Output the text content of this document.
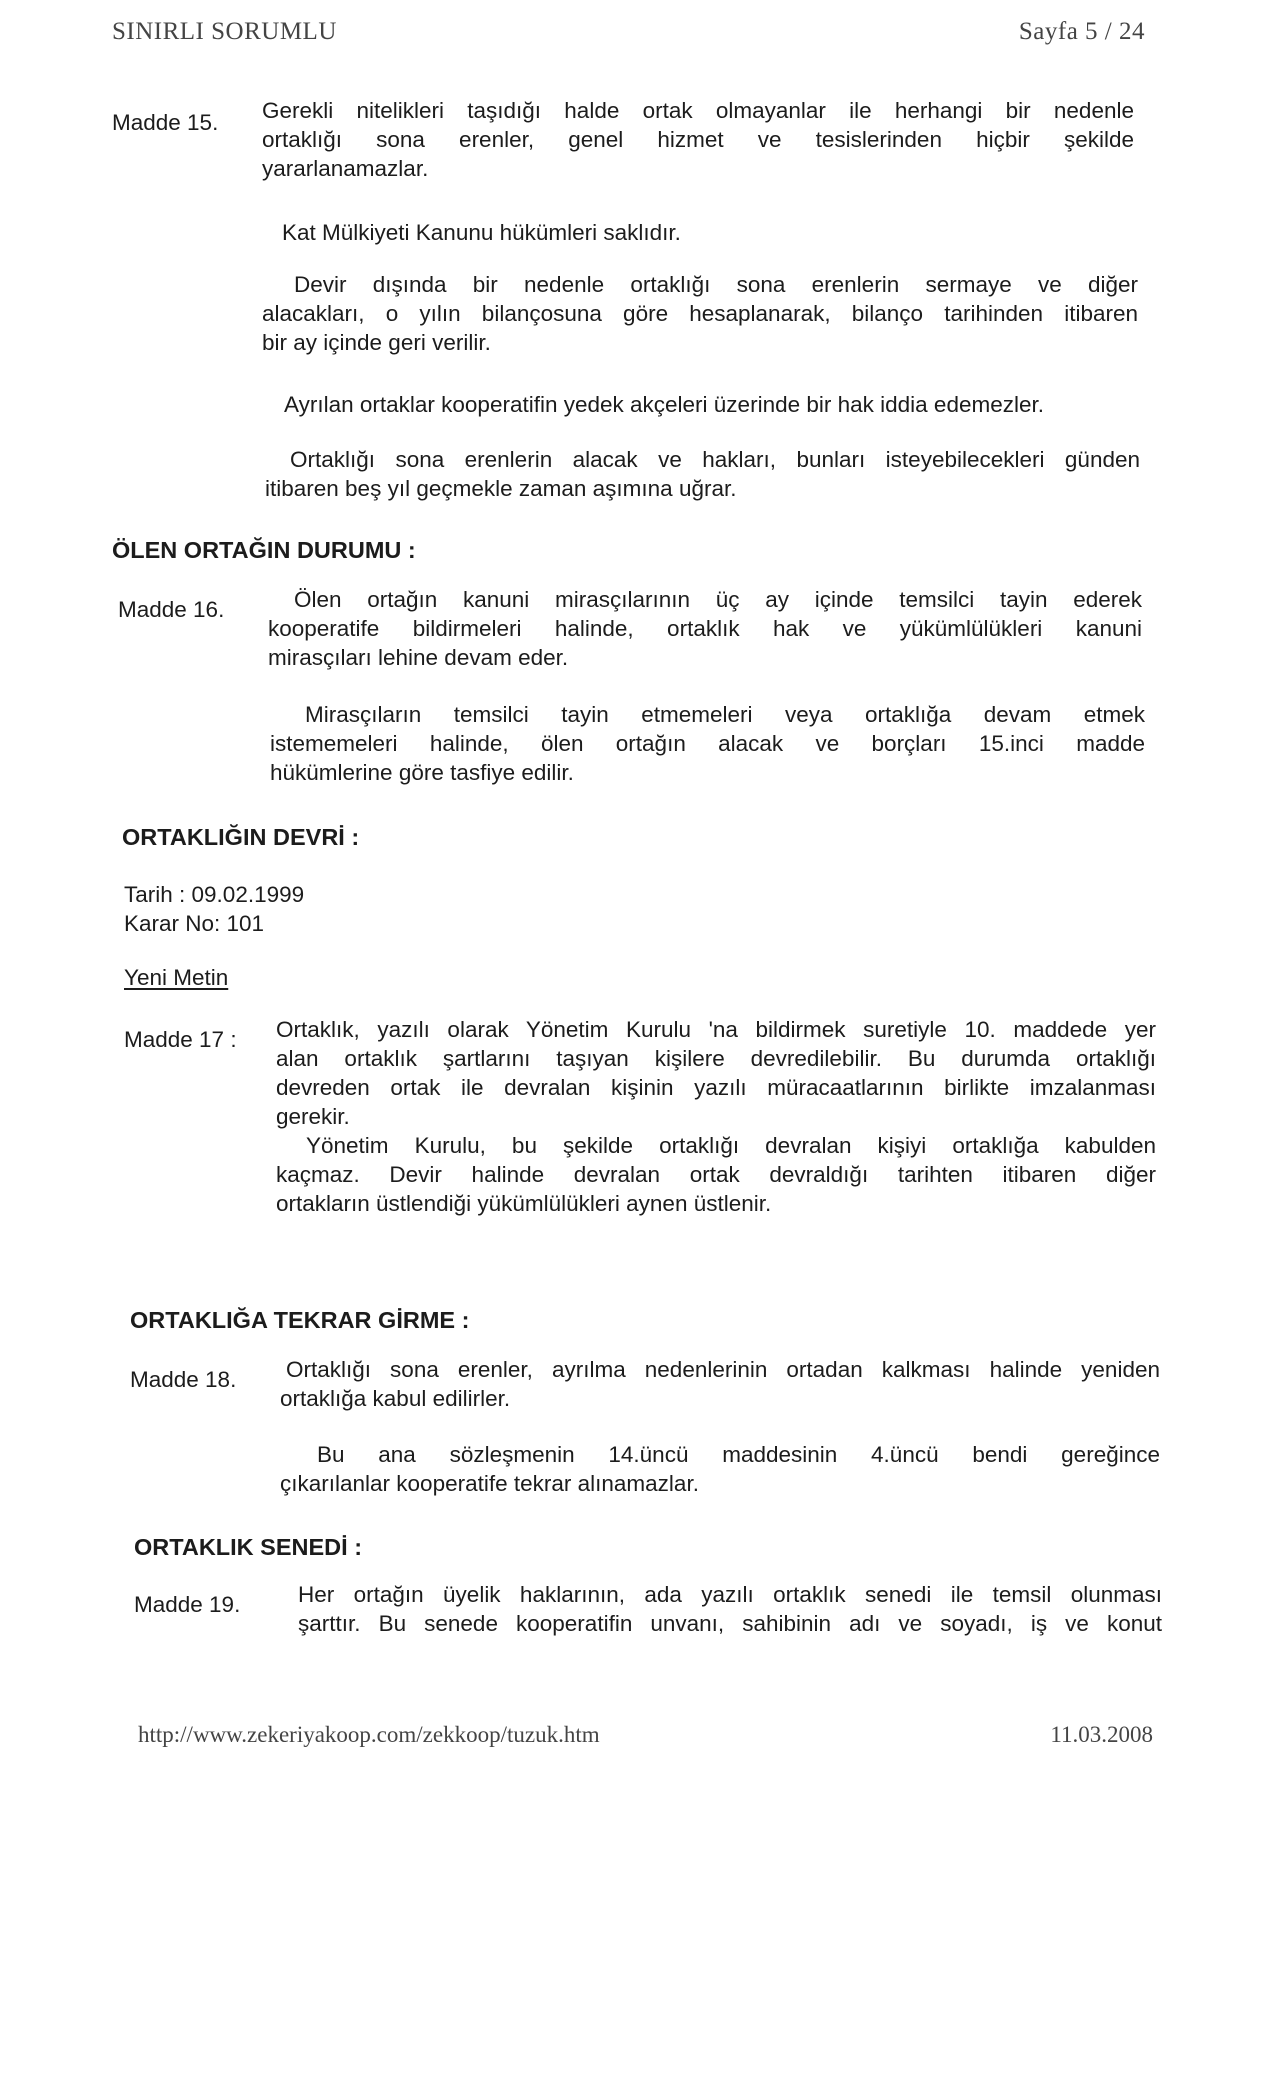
SINIRLI SORUMLU	Sayfa 5 / 24
Madde 15. Gerekli nitelikleri taşıdığı halde ortak olmayanlar ile herhangi bir nedenle
ortaklığı sona erenler, genel hizmet ve tesislerinden hiçbir şekilde
yararlanamazlar.
Kat Mülkiyeti Kanunu hükümleri saklıdır.
Devir dışında bir nedenle ortaklığı sona erenlerin sermaye ve diğer
alacakları, o yılın bilançosuna göre hesaplanarak, bilanço tarihinden itibaren
bir ay içinde geri verilir.
Ayrılan ortaklar kooperatifin yedek akçeleri üzerinde bir hak iddia edemezler.
Ortaklığı sona erenlerin alacak ve hakları, bunları isteyebilecekleri günden
itibaren beş yıl geçmekle zaman aşımına uğrar.
ÖLEN ORTAĞIN DURUMU :
Madde 16.	Ölen ortağın kanuni mirasçılarının üç ay içinde temsilci tayin ederek
kooperatife bildirmeleri halinde, ortaklık hak ve yükümlülükleri kanuni
mirasçıları lehine devam eder.
Mirasçıların temsilci tayin etmemeleri veya ortaklığa devam etmek
istememeleri halinde, ölen ortağın alacak ve borçları 15.inci madde
hükümlerine göre tasfiye edilir.
ORTAKLIĞIN DEVRİ :
Tarih : 09.02.1999
Karar No: 101
Yeni Metin
Madde 17 : Ortaklık, yazılı olarak Yönetim Kurulu 'na bildirmek suretiyle 10. maddede yer
alan ortaklık şartlarını taşıyan kişilere devredilebilir. Bu durumda ortaklığı
devreden ortak ile devralan kişinin yazılı müracaatlarının birlikte imzalanması
gerekir.
Yönetim Kurulu, bu şekilde ortaklığı devralan kişiyi ortaklığa kabulden
kaçmaz. Devir halinde devralan ortak devraldığı tarihten itibaren diğer
ortakların üstlendiği yükümlülükleri aynen üstlenir.
ORTAKLIĞA TEKRAR GİRME :
Madde 18. Ortaklığı sona erenler, ayrılma nedenlerinin ortadan kalkması halinde yeniden
ortaklığa kabul edilirler.
Bu ana sözleşmenin 14.üncü maddesinin 4.üncü bendi gereğince
çıkarılanlar kooperatife tekrar alınamazlar.
ORTAKLIK SENEDİ :
Madde 19.	Her ortağın üyelik haklarının, ada yazılı ortaklık senedi ile temsil olunması
şarttır. Bu senede kooperatifin unvanı, sahibinin adı ve soyadı, iş ve konut
http://www.zekeriyakoop.com/zekkoop/tuzuk.htm	11.03.2008
